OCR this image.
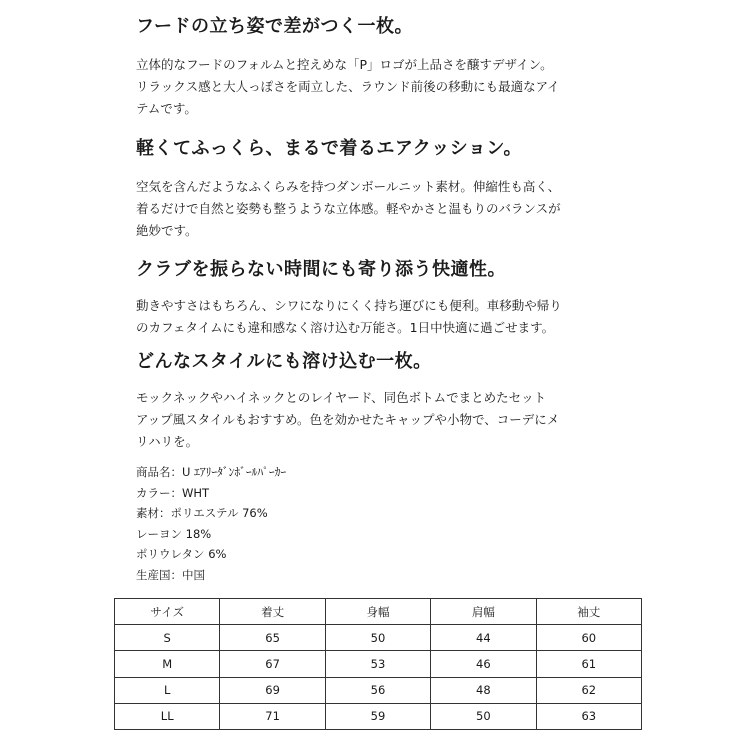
フードの立ち姿で差がつく一枚。

立体的なフードのフォルムと控えめな「P」ロゴが上品さを醸すデザイン。
リラックス感と大人っぽさを両立した、ラウンド前後の移動にも最適なアイ
テムです。

軽くてふっくら、まるで着るエアクッション。

空気を含んだようなふくらみを持つダンボールニット素材。伸縮性も高く、
着るだけで自然と姿勢も整うような立体感。軽やかさと温もりのバランスが
絶妙です。

クラブを振らない時間にも寄り添う快適性。

動きやすさはもちろん、シワになりにくく持ち運びにも便利。車移動や帰り
のカフェタイムにも違和感なく溶け込む万能さ。1日中快適に過ごせます。

どんなスタイルにも溶け込む一枚。

モックネックやハイネックとのレイヤード、同色ボトムでまとめたセット
アップ風スタイルもおすすめ。色を効かせたキャップや小物で、コーデにメ
リハリを。

商品名：U ｴｱﾘｰﾀﾞﾝﾎﾞｰﾙﾊﾟｰｶｰ
カラー：WHT
素材：ポリエステル 76%
レーヨン 18%
ポリウレタン 6%
生産国：中国
サイズ	着丈	身幅	肩幅	袖丈
S	65	50	44	60
M	67	53	46	61
L	69	56	48	62
LL	71	59	50	63
